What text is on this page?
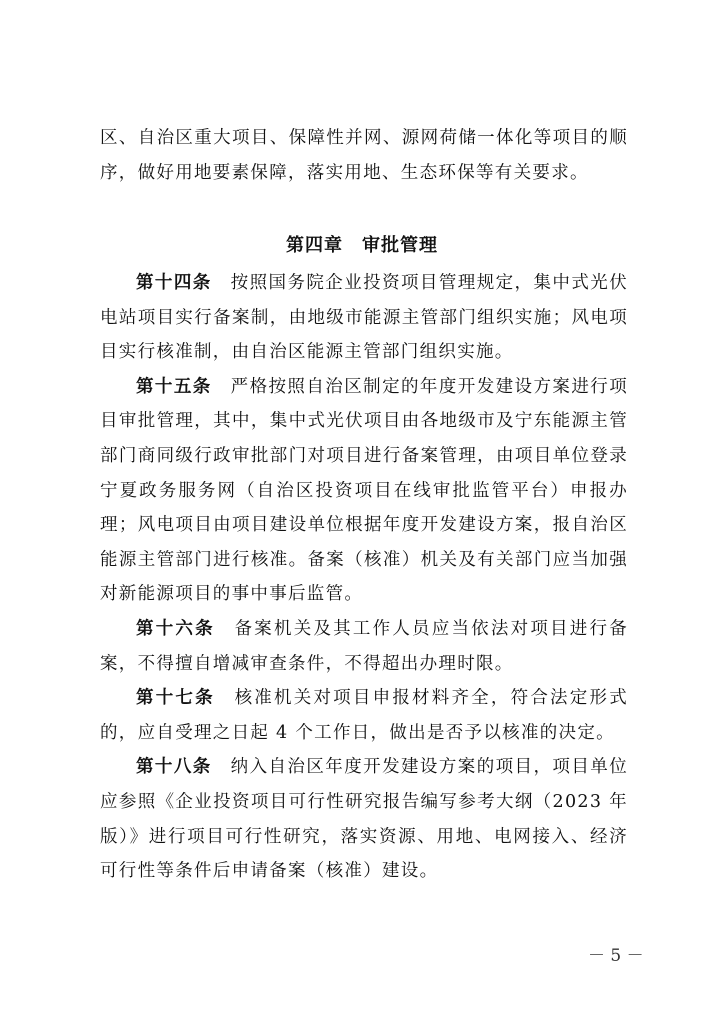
区、自治区重大项目、保障性并网、源网荷储一体化等项目的顺序，做好用地要素保障，落实用地、生态环保等有关要求。

第四章　审批管理

第十四条　 按照国务院企业投资项目管理规定，集中式光伏电站项目实行备案制，由地级市能源主管部门组织实施；风电项目实行核准制，由自治区能源主管部门组织实施。

第十五条　 严格按照自治区制定的年度开发建设方案进行项目审批管理，其中，集中式光伏项目由各地级市及宁东能源主管部门商同级行政审批部门对项目进行备案管理，由项目单位登录宁夏政务服务网（自治区投资项目在线审批监管平台）申报办理；风电项目由项目建设单位根据年度开发建设方案，报自治区能源主管部门进行核准。备案（核准）机关及有关部门应当加强对新能源项目的事中事后监管。

第十六条　 备案机关及其工作人员应当依法对项目进行备案，不得擅自增减审查条件，不得超出办理时限。

第十七条　 核准机关对项目申报材料齐全，符合法定形式的，应自受理之日起 4 个工作日，做出是否予以核准的决定。

第十八条　 纳入自治区年度开发建设方案的项目，项目单位应参照《企业投资项目可行性研究报告编写参考大纲（2023 年版）》进行项目可行性研究，落实资源、用地、电网接入、经济可行性等条件后申请备案（核准）建设。

－ 5 －
